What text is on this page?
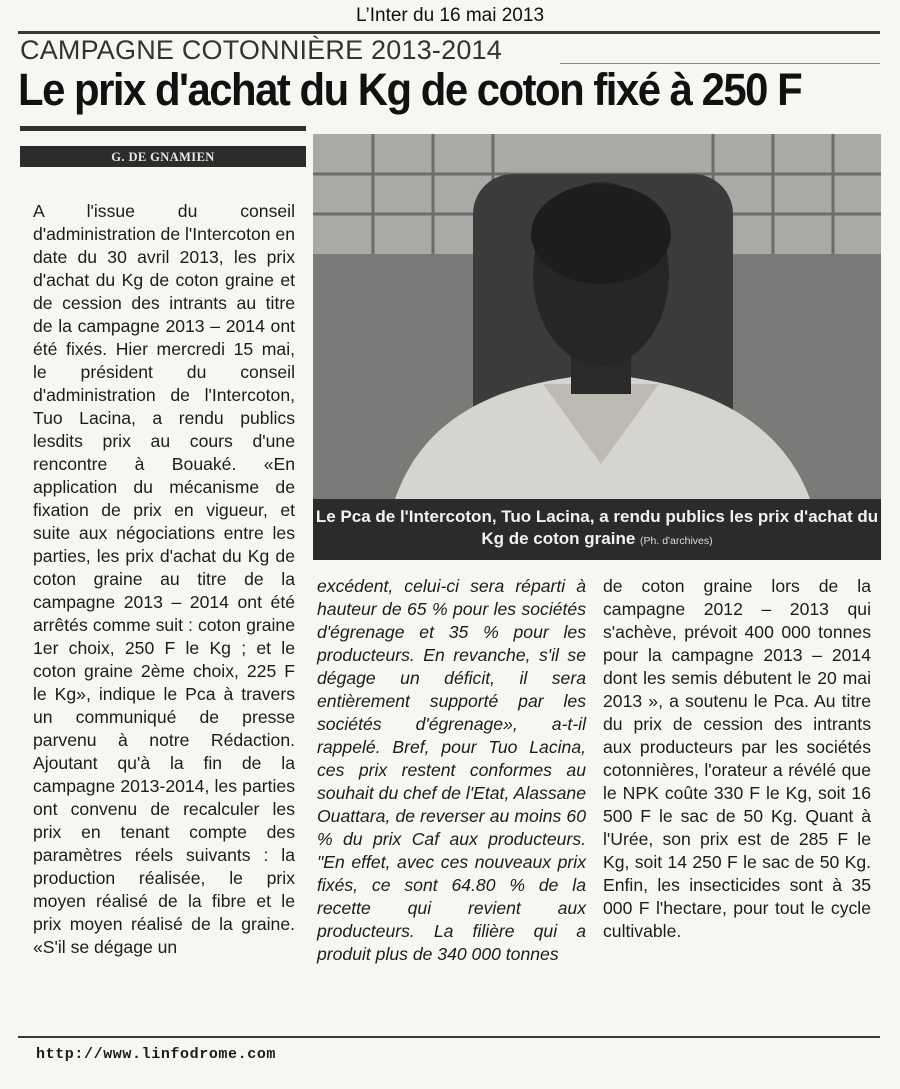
L’Inter du 16 mai 2013
CAMPAGNE COTONNIÈRE 2013-2014
Le prix d'achat du Kg de coton fixé à 250 F
G. DE GNAMIEN
A l'issue du conseil d'administration de l'Intercoton en date du 30 avril 2013, les prix d'achat du Kg de coton graine et de cession des intrants au titre de la campagne 2013 – 2014 ont été fixés. Hier mercredi 15 mai, le président du conseil d'administration de l'Intercoton, Tuo Lacina, a rendu publics lesdits prix au cours d'une rencontre à Bouaké. «En application du mécanisme de fixation de prix en vigueur, et suite aux négociations entre les parties, les prix d'achat du Kg de coton graine au titre de la campagne 2013 – 2014 ont été arrêtés comme suit : coton graine 1er choix, 250 F le Kg ; et le coton graine 2ème choix, 225 F le Kg», indique le Pca à travers un communiqué de presse parvenu à notre Rédaction. Ajoutant qu'à la fin de la campagne 2013-2014, les parties ont convenu de recalculer les prix en tenant compte des paramètres réels suivants : la production réalisée, le prix moyen réalisé de la fibre et le prix moyen réalisé de la graine. «S'il se dégage un
Le Pca de l'Intercoton, Tuo Lacina, a rendu publics les prix d'achat du Kg de coton graine (Ph. d'archives)
excédent, celui-ci sera réparti à hauteur de 65 % pour les sociétés d'égrenage et 35 % pour les producteurs. En revanche, s'il se dégage un déficit, il sera entièrement supporté par les sociétés d'égrenage», a-t-il rappelé. Bref, pour Tuo Lacina, ces prix restent conformes au souhait du chef de l'Etat, Alassane Ouattara, de reverser au moins 60 % du prix Caf aux producteurs. "En effet, avec ces nouveaux prix fixés, ce sont 64.80 % de la recette qui revient aux producteurs. La filière qui a produit plus de 340 000 tonnes
de coton graine lors de la campagne 2012 – 2013 qui s'achève, prévoit 400 000 tonnes pour la campagne 2013 – 2014 dont les semis débutent le 20 mai 2013 », a soutenu le Pca. Au titre du prix de cession des intrants aux producteurs par les sociétés cotonnières, l'orateur a révélé que le NPK coûte 330 F le Kg, soit 16 500 F le sac de 50 Kg. Quant à l'Urée, son prix est de 285 F le Kg, soit 14 250 F le sac de 50 Kg. Enfin, les insecticides sont à 35 000 F l'hectare, pour tout le cycle cultivable.
http://www.linfodrome.com
